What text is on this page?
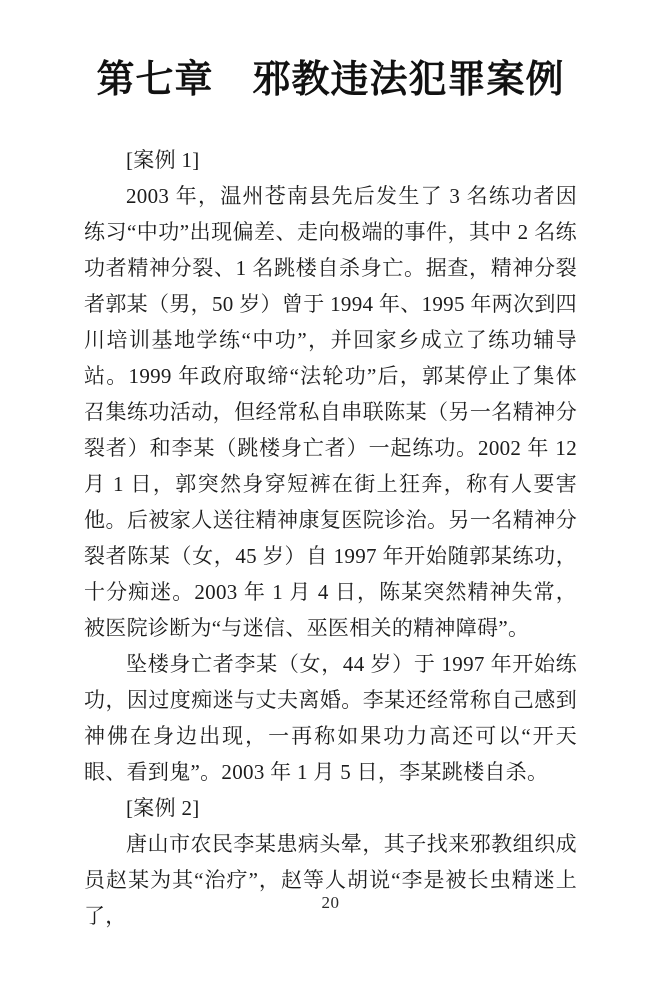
第七章　邪教违法犯罪案例

[案例 1]

2003 年，温州苍南县先后发生了 3 名练功者因练习“中功”出现偏差、走向极端的事件，其中 2 名练功者精神分裂、1 名跳楼自杀身亡。据查，精神分裂者郭某（男，50 岁）曾于 1994 年、1995 年两次到四川培训基地学练“中功”，并回家乡成立了练功辅导站。1999 年政府取缔“法轮功”后，郭某停止了集体召集练功活动，但经常私自串联陈某（另一名精神分裂者）和李某（跳楼身亡者）一起练功。2002 年 12 月 1 日，郭突然身穿短裤在街上狂奔，称有人要害他。后被家人送往精神康复医院诊治。另一名精神分裂者陈某（女，45 岁）自 1997 年开始随郭某练功，十分痴迷。2003 年 1 月 4 日，陈某突然精神失常，被医院诊断为“与迷信、巫医相关的精神障碍”。

坠楼身亡者李某（女，44 岁）于 1997 年开始练功，因过度痴迷与丈夫离婚。李某还经常称自己感到神佛在身边出现，一再称如果功力高还可以“开天眼、看到鬼”。2003 年 1 月 5 日，李某跳楼自杀。

[案例 2]

唐山市农民李某患病头晕，其子找来邪教组织成员赵某为其“治疗”，赵等人胡说“李是被长虫精迷上了，

20
